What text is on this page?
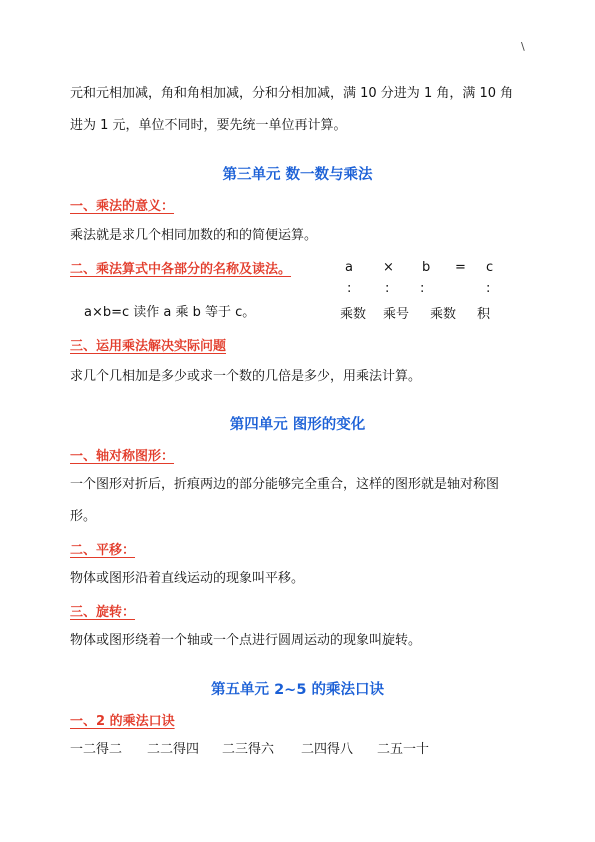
\
元和元相加减，角和角相加减，分和分相加减，满 10 分进为 1 角，满 10 角
进为 1 元，单位不同时，要先统一单位再计算。
第三单元 数一数与乘法
一、乘法的意义：
乘法就是求几个相同加数的和的简便运算。
二、乘法算式中各部分的名称及读法。
a×b=c 读作 a 乘 b 等于 c。
a × b = c
:	: :	:
乘数 乘号 乘数 积
三、运用乘法解决实际问题
求几个几相加是多少或求一个数的几倍是多少，用乘法计算。
第四单元 图形的变化
一、轴对称图形：
一个图形对折后，折痕两边的部分能够完全重合，这样的图形就是轴对称图
形。
二、平移：
物体或图形沿着直线运动的现象叫平移。
三、旋转：
物体或图形绕着一个轴或一个点进行圆周运动的现象叫旋转。
第五单元 2~5 的乘法口诀
一、2 的乘法口诀
一二得二 二二得四 二三得六 二四得八 二五一十
